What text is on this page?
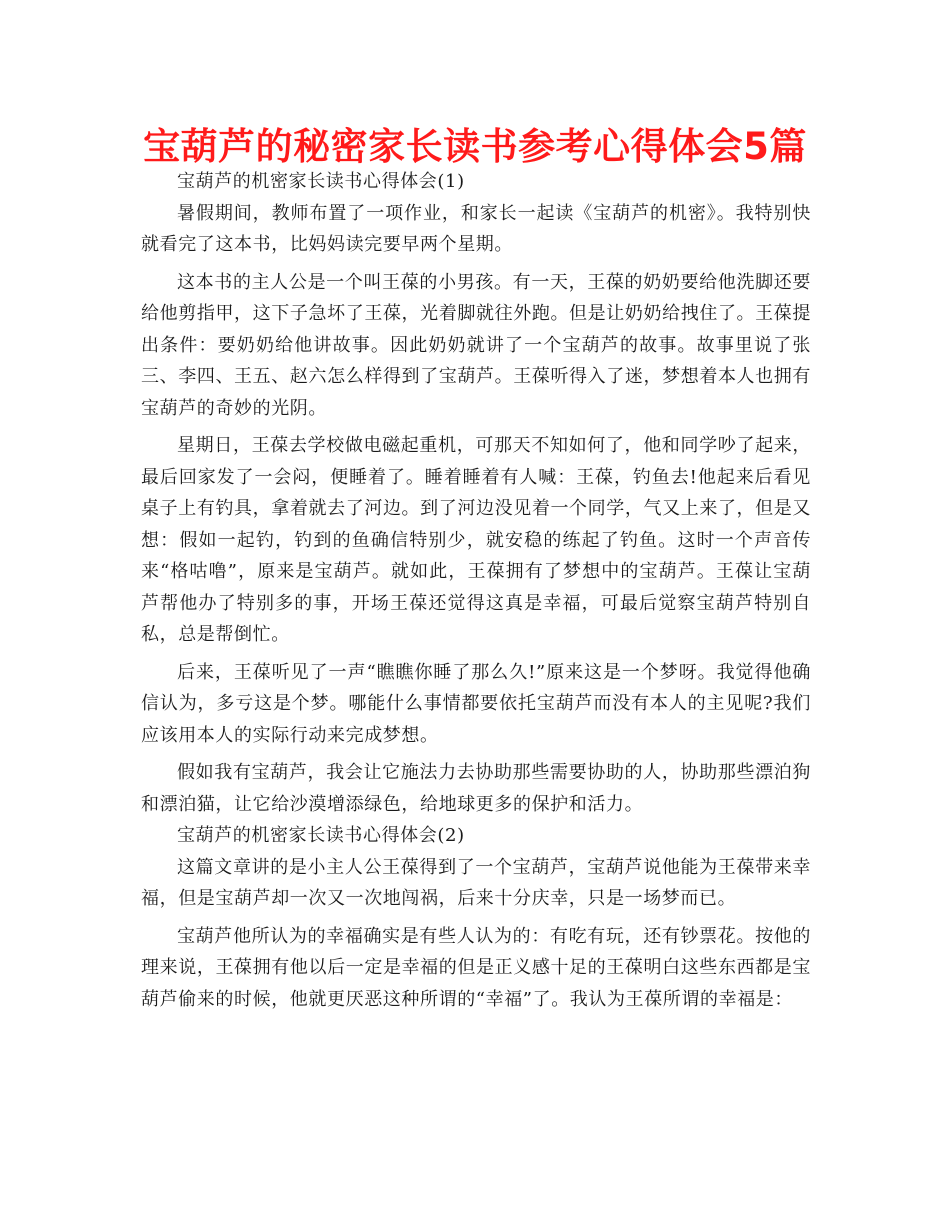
宝葫芦的秘密家长读书参考心得体会5篇

宝葫芦的机密家长读书心得体会(1)

暑假期间，教师布置了一项作业，和家长一起读《宝葫芦的机密》。我特别快就看完了这本书，比妈妈读完要早两个星期。

这本书的主人公是一个叫王葆的小男孩。有一天，王葆的奶奶要给他洗脚还要给他剪指甲，这下子急坏了王葆，光着脚就往外跑。但是让奶奶给拽住了。王葆提出条件：要奶奶给他讲故事。因此奶奶就讲了一个宝葫芦的故事。故事里说了张三、李四、王五、赵六怎么样得到了宝葫芦。王葆听得入了迷，梦想着本人也拥有宝葫芦的奇妙的光阴。

星期日，王葆去学校做电磁起重机，可那天不知如何了，他和同学吵了起来，最后回家发了一会闷，便睡着了。睡着睡着有人喊：王葆，钓鱼去!他起来后看见桌子上有钓具，拿着就去了河边。到了河边没见着一个同学，气又上来了，但是又想：假如一起钓，钓到的鱼确信特别少，就安稳的练起了钓鱼。这时一个声音传来“格咕噜”，原来是宝葫芦。就如此，王葆拥有了梦想中的宝葫芦。王葆让宝葫芦帮他办了特别多的事，开场王葆还觉得这真是幸福，可最后觉察宝葫芦特别自私，总是帮倒忙。

后来，王葆听见了一声“瞧瞧你睡了那么久!”原来这是一个梦呀。我觉得他确信认为，多亏这是个梦。哪能什么事情都要依托宝葫芦而没有本人的主见呢?我们应该用本人的实际行动来完成梦想。

假如我有宝葫芦，我会让它施法力去协助那些需要协助的人，协助那些漂泊狗和漂泊猫，让它给沙漠增添绿色，给地球更多的保护和活力。

宝葫芦的机密家长读书心得体会(2)

这篇文章讲的是小主人公王葆得到了一个宝葫芦，宝葫芦说他能为王葆带来幸福，但是宝葫芦却一次又一次地闯祸，后来十分庆幸，只是一场梦而已。

宝葫芦他所认为的幸福确实是有些人认为的：有吃有玩，还有钞票花。按他的理来说，王葆拥有他以后一定是幸福的但是正义感十足的王葆明白这些东西都是宝葫芦偷来的时候，他就更厌恶这种所谓的“幸福”了。我认为王葆所谓的幸福是：
